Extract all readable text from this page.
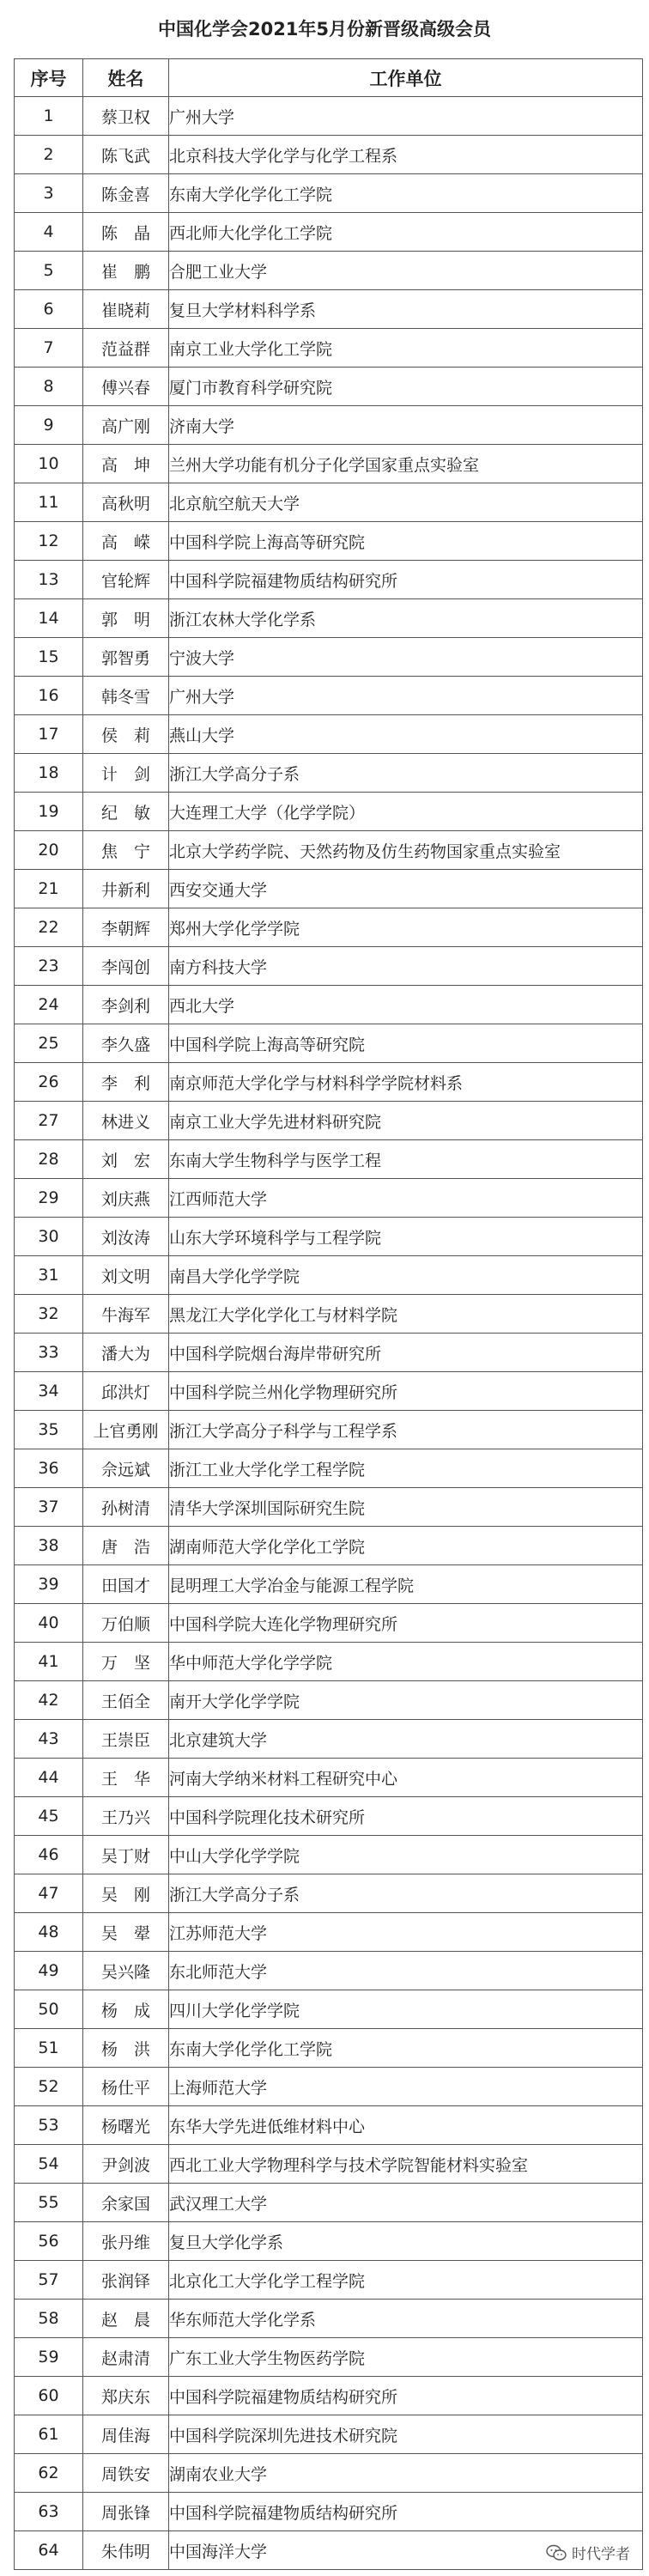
中国化学会2021年5月份新晋级高级会员
序号	姓名	工作单位
1	蔡卫权	广州大学
2	陈飞武	北京科技大学化学与化学工程系
3	陈金喜	东南大学化学化工学院
4	陈　晶	西北师大化学化工学院
5	崔　鹏	合肥工业大学
6	崔晓莉	复旦大学材料科学系
7	范益群	南京工业大学化工学院
8	傅兴春	厦门市教育科学研究院
9	高广刚	济南大学
10	高　坤	兰州大学功能有机分子化学国家重点实验室
11	高秋明	北京航空航天大学
12	高　嵘	中国科学院上海高等研究院
13	官轮辉	中国科学院福建物质结构研究所
14	郭　明	浙江农林大学化学系
15	郭智勇	宁波大学
16	韩冬雪	广州大学
17	侯　莉	燕山大学
18	计　剑	浙江大学高分子系
19	纪　敏	大连理工大学（化学学院）
20	焦　宁	北京大学药学院、天然药物及仿生药物国家重点实验室
21	井新利	西安交通大学
22	李朝辉	郑州大学化学学院
23	李闯创	南方科技大学
24	李剑利	西北大学
25	李久盛	中国科学院上海高等研究院
26	李　利	南京师范大学化学与材料科学学院材料系
27	林进义	南京工业大学先进材料研究院
28	刘　宏	东南大学生物科学与医学工程
29	刘庆燕	江西师范大学
30	刘汝涛	山东大学环境科学与工程学院
31	刘文明	南昌大学化学学院
32	牛海军	黑龙江大学化学化工与材料学院
33	潘大为	中国科学院烟台海岸带研究所
34	邱洪灯	中国科学院兰州化学物理研究所
35	上官勇刚	浙江大学高分子科学与工程学系
36	佘远斌	浙江工业大学化学工程学院
37	孙树清	清华大学深圳国际研究生院
38	唐　浩	湖南师范大学化学化工学院
39	田国才	昆明理工大学冶金与能源工程学院
40	万伯顺	中国科学院大连化学物理研究所
41	万　坚	华中师范大学化学学院
42	王佰全	南开大学化学学院
43	王崇臣	北京建筑大学
44	王　华	河南大学纳米材料工程研究中心
45	王乃兴	中国科学院理化技术研究所
46	吴丁财	中山大学化学学院
47	吴　刚	浙江大学高分子系
48	吴　翚	江苏师范大学
49	吴兴隆	东北师范大学
50	杨　成	四川大学化学学院
51	杨　洪	东南大学化学化工学院
52	杨仕平	上海师范大学
53	杨曙光	东华大学先进低维材料中心
54	尹剑波	西北工业大学物理科学与技术学院智能材料实验室
55	余家国	武汉理工大学
56	张丹维	复旦大学化学系
57	张润铎	北京化工大学化学工程学院
58	赵　晨	华东师范大学化学系
59	赵肃清	广东工业大学生物医药学院
60	郑庆东	中国科学院福建物质结构研究所
61	周佳海	中国科学院深圳先进技术研究院
62	周铁安	湖南农业大学
63	周张锋	中国科学院福建物质结构研究所
64	朱伟明	中国海洋大学	时代学者
